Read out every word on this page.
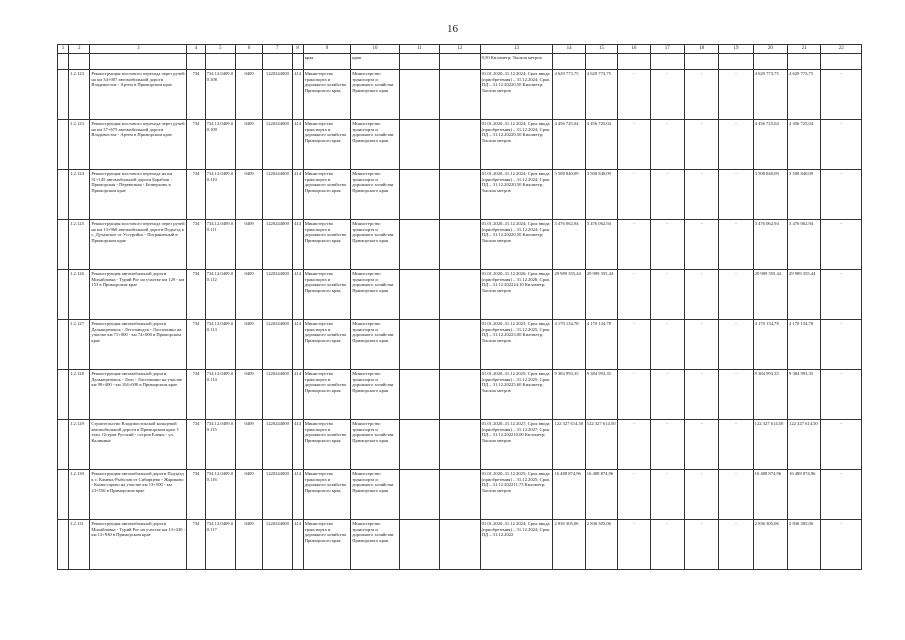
16
1	2	3	4	5	6	7	8	9	10	11	12	13	14	15	16	17	18	19	20	21	22
								края	края			0,50 Километр; Тысяча метров									
	1.2.123	Реконструкция мостового перехода через ручей на км 34+007 автомобильной дороги Владивосток - Артем в Приморском крае	734	734.12.0409.00.108	0409	1220244000	414	Министерство транспорта и дорожного хозяйства Приморского края	Министерство транспорта и дорожного хозяйства Приморского края			01.01.2020–31.12.2024; Срок ввода (приобретения) – 31.12.2024; Срок ПД – 31.12.20220,50 Километр; Тысяча метров	4 629 773,75	4 629 773,75	-	-	-	-	4 629 773,75	4 629 773,75	-
	1.2.123	Реконструкция мостового перехода через ручей на км 37+675 автомобильной дороги Владивосток - Артем в Приморском крае	734	734.12.0409.00.109	0409	1220244000	414	Министерство транспорта и дорожного хозяйства Приморского края	Министерство транспорта и дорожного хозяйства Приморского края			01.01.2020–31.12.2024; Срок ввода (приобретения) – 31.12.2024; Срок ПД – 31.12.20220,50 Километр; Тысяча метров	4 456 725,04	4 456 725,04	-	-	-	-	4 456 725,04	4 456 725,04	-
	1.2.124	Реконструкция мостового перехода на км 31+145 автомобильной дороги Барабаш - Приморская - Перевозная - Безверхово в Приморском крае	734	734.12.0409.00.110	0409	1220244000	414	Министерство транспорта и дорожного хозяйства Приморского края	Министерство транспорта и дорожного хозяйства Приморского края			01.01.2020–31.12.2024; Срок ввода (приобретения) – 31.12.2024; Срок ПД – 31.12.20220,50 Километр; Тысяча метров	3 508 840,09	3 508 840,09	-	-	-	-	3 508 840,09	3 508 840,09	-
	1.2.125	Реконструкция мостового перехода через ручей на км 13+960 автомобильной дороги Подъезд к с. Дучанское от Уссурийск - Пограничный в Приморском крае	734	734.12.0409.00.111	0409	1220244000	414	Министерство транспорта и дорожного хозяйства Приморского края	Министерство транспорта и дорожного хозяйства Приморского края			01.01.2020–31.12.2024; Срок ввода (приобретения) – 31.12.2024; Срок ПД – 31.12.20220,50 Километр; Тысяча метров	3 476 062,94	3 476 062,94	-	-	-	-	3 476 062,94	3 476 062,94	-
	1.2.126	Реконструкция автомобильной дороги Михайловка - Турий Рог на участке км 129 - км 153 в Приморском крае	734	734.12.0409.00.112	0409	1220244000	414	Министерство транспорта и дорожного хозяйства Приморского края	Министерство транспорта и дорожного хозяйства Приморского края			01.01.2020–31.12.2026; Срок ввода (приобретения) – 31.12.2026; Срок ПД – 31.12.202224,10 Километр; Тысяча метров	29 989 355,44	29 989 355,44	-	-	-	-	29 989 355,44	29 989 355,44	-
	1.2.127	Реконструкция автомобильной дороги Дальнереченск - Лесозаводск - Ласточкино на участке км 71+000 - км 74+000 в Приморском крае	734	734.12.0409.00.113	0409	1220244000	414	Министерство транспорта и дорожного хозяйства Приморского края	Министерство транспорта и дорожного хозяйства Приморского края			01.01.2020–31.12.2025; Срок ввода (приобретения) – 31.12.2025; Срок ПД – 31.12.20223,00 Километр; Тысяча метров	4 170 134,78	4 170 134,78	-	-	-	-	4 170 134,78	4 170 134,78	-
	1.2.128	Реконструкция автомобильной дороги Дальнереченск - Лазо - Ласточкино на участке км 98+400 - км 104+000 в Приморском крае	734	734.12.0409.00.114	0409	1220244000	414	Министерство транспорта и дорожного хозяйства Приморского края	Министерство транспорта и дорожного хозяйства Приморского края			01.01.2020–31.12.2025; Срок ввода (приобретения) – 31.12.2025; Срок ПД – 31.12.20225,60 Километр; Тысяча метров	9 384 993,35	9 384 993,35	-	-	-	-	9 384 993,35	9 384 993,35	-
	1.2.129	Строительство Владивостокской кольцевой автомобильной дороги в Приморском крае. I этап. Остров Русский - остров Елены - ул. Калинина	734	734.12.0409.00.115	0409	1220244000	414	Министерство транспорта и дорожного хозяйства Приморского края	Министерство транспорта и дорожного хозяйства Приморского края			01.01.2020–31.12.2027; Срок ввода (приобретения) – 31.12.2027; Срок ПД – 31.12.202210,00 Километр; Тысяча метров	122 327 614,50	122 327 614,50	-	-	-	-	122 327 614,50	122 327 614,50	-
	1.2.130	Реконструкция автомобильной дороги Подъезд к с. Камень-Рыболов от Сибирцево - Жариково - Комиссарово на участке км 13+500 - км 23+550 в Приморском крае	734	734.12.0409.00.116	0409	1220244000	414	Министерство транспорта и дорожного хозяйства Приморского края	Министерство транспорта и дорожного хозяйства Приморского края			01.01.2020–31.12.2025; Срок ввода (приобретения) – 31.12.2025; Срок ПД – 31.12.202211,75 Километр; Тысяча метров	16 488 874,96	16 488 874,96	-	-	-	-	16 488 874,96	16 488 874,96	-
	1.2.131	Реконструкция автомобильной дороги Михайловка - Турий Рог на участке км 13+430 - км 13+930 в Приморском крае	734	734.12.0409.00.117	0409	1220244000	414	Министерство транспорта и дорожного хозяйства Приморского края	Министерство транспорта и дорожного хозяйства Приморского края			01.01.2020–31.12.2024; Срок ввода (приобретения) – 31.12.2024; Срок ПД – 31.12.2022	2 836 305,06	2 836 305,06	-	-	-	-	2 836 305,06	2 836 305,06	-
